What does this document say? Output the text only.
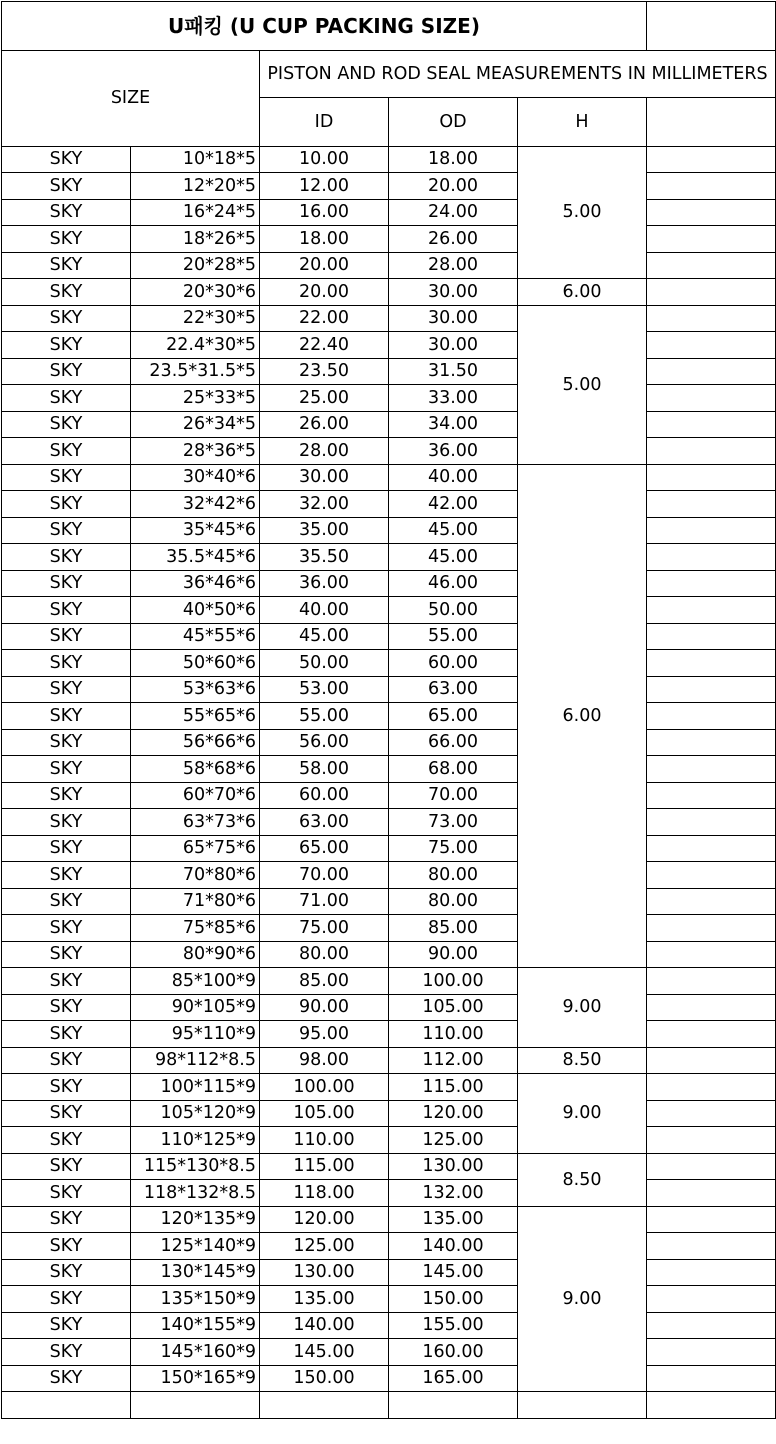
U패킹 (U CUP PACKING SIZE)					
SIZE		PISTON AND ROD SEAL MEASUREMENTS IN MILLIMETERS			
		ID	OD	H	
SKY	10*18*5	10.00	18.00	5.00	
SKY	12*20*5	12.00	20.00		
SKY	16*24*5	16.00	24.00		
SKY	18*26*5	18.00	26.00		
SKY	20*28*5	20.00	28.00		
SKY	20*30*6	20.00	30.00	6.00	
SKY	22*30*5	22.00	30.00	5.00	
SKY	22.4*30*5	22.40	30.00		
SKY	23.5*31.5*5	23.50	31.50		
SKY	25*33*5	25.00	33.00		
SKY	26*34*5	26.00	34.00		
SKY	28*36*5	28.00	36.00		
SKY	30*40*6	30.00	40.00	6.00	
SKY	32*42*6	32.00	42.00		
SKY	35*45*6	35.00	45.00		
SKY	35.5*45*6	35.50	45.00		
SKY	36*46*6	36.00	46.00		
SKY	40*50*6	40.00	50.00		
SKY	45*55*6	45.00	55.00		
SKY	50*60*6	50.00	60.00		
SKY	53*63*6	53.00	63.00		
SKY	55*65*6	55.00	65.00		
SKY	56*66*6	56.00	66.00		
SKY	58*68*6	58.00	68.00		
SKY	60*70*6	60.00	70.00		
SKY	63*73*6	63.00	73.00		
SKY	65*75*6	65.00	75.00		
SKY	70*80*6	70.00	80.00		
SKY	71*80*6	71.00	80.00		
SKY	75*85*6	75.00	85.00		
SKY	80*90*6	80.00	90.00		
SKY	85*100*9	85.00	100.00	9.00	
SKY	90*105*9	90.00	105.00		
SKY	95*110*9	95.00	110.00		
SKY	98*112*8.5	98.00	112.00	8.50	
SKY	100*115*9	100.00	115.00	9.00	
SKY	105*120*9	105.00	120.00		
SKY	110*125*9	110.00	125.00		
SKY	115*130*8.5	115.00	130.00	8.50	
SKY	118*132*8.5	118.00	132.00		
SKY	120*135*9	120.00	135.00	9.00	
SKY	125*140*9	125.00	140.00		
SKY	130*145*9	130.00	145.00		
SKY	135*150*9	135.00	150.00		
SKY	140*155*9	140.00	155.00		
SKY	145*160*9	145.00	160.00		
SKY	150*165*9	150.00	165.00		
